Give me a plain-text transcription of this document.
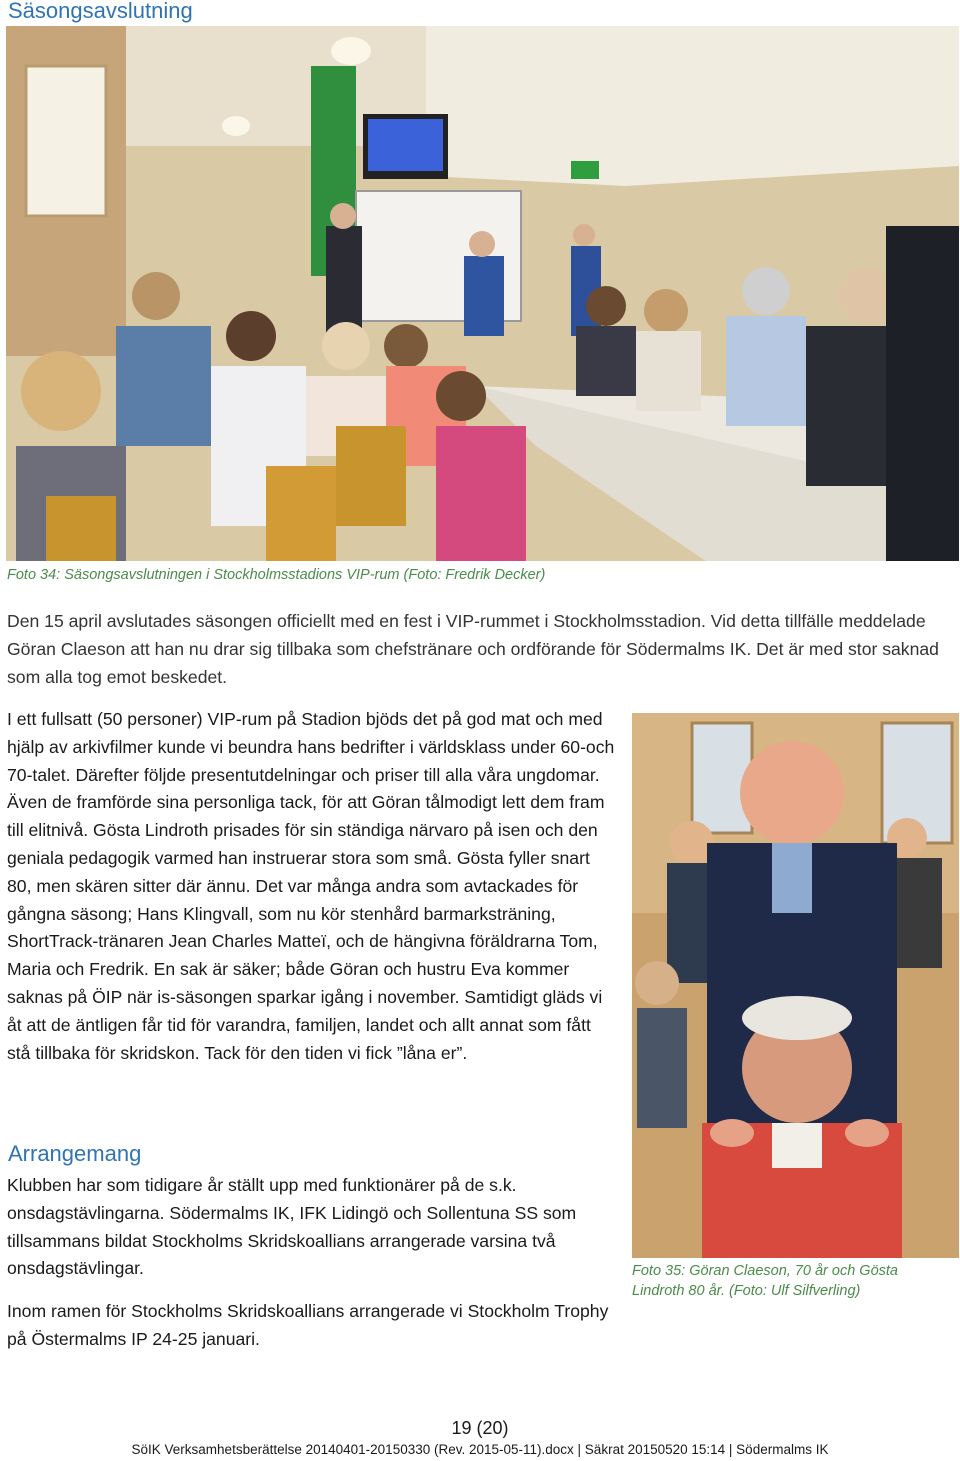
Säsongsavslutning
Foto 34: Säsongsavslutningen i Stockholmsstadions VIP-rum (Foto: Fredrik Decker)

Den 15 april avslutades säsongen officiellt med en fest i VIP-rummet i Stockholmsstadion. Vid detta tillfälle meddelade Göran Claeson att han nu drar sig tillbaka som chefstränare och ordförande för Södermalms IK. Det är med stor saknad som alla tog emot beskedet.

I ett fullsatt (50 personer) VIP-rum på Stadion bjöds det på god mat och med hjälp av arkivfilmer kunde vi beundra hans bedrifter i världsklass under 60-och 70-talet. Därefter följde presentutdelningar och priser till alla våra ungdomar. Även de framförde sina personliga tack, för att Göran tålmodigt lett dem fram till elitnivå. Gösta Lindroth prisades för sin ständiga närvaro på isen och den geniala pedagogik varmed han instruerar stora som små. Gösta fyller snart 80, men skären sitter där ännu. Det var många andra som avtackades för gångna säsong; Hans Klingvall, som nu kör stenhård barmarksträning, ShortTrack-tränaren Jean Charles Matteï, och de hängivna föräldrarna Tom, Maria och Fredrik. En sak är säker; både Göran och hustru Eva kommer saknas på ÖIP när is-säsongen sparkar igång i november. Samtidigt gläds vi åt att de äntligen får tid för varandra, familjen, landet och allt annat som fått stå tillbaka för skridskon. Tack för den tiden vi fick ”låna er”.

Foto 35: Göran Claeson, 70 år och Gösta Lindroth 80 år. (Foto: Ulf Silfverling)
Arrangemang

Klubben har som tidigare år ställt upp med funktionärer på de s.k. onsdagstävlingarna. Södermalms IK, IFK Lidingö och Sollentuna SS som tillsammans bildat Stockholms Skridskoallians arrangerade varsina två onsdagstävlingar.

Inom ramen för Stockholms Skridskoallians arrangerade vi Stockholm Trophy på Östermalms IP 24-25 januari.

19 (20)
SöIK Verksamhetsberättelse 20140401-20150330 (Rev. 2015-05-11).docx | Säkrat 20150520 15:14 | Södermalms IK
